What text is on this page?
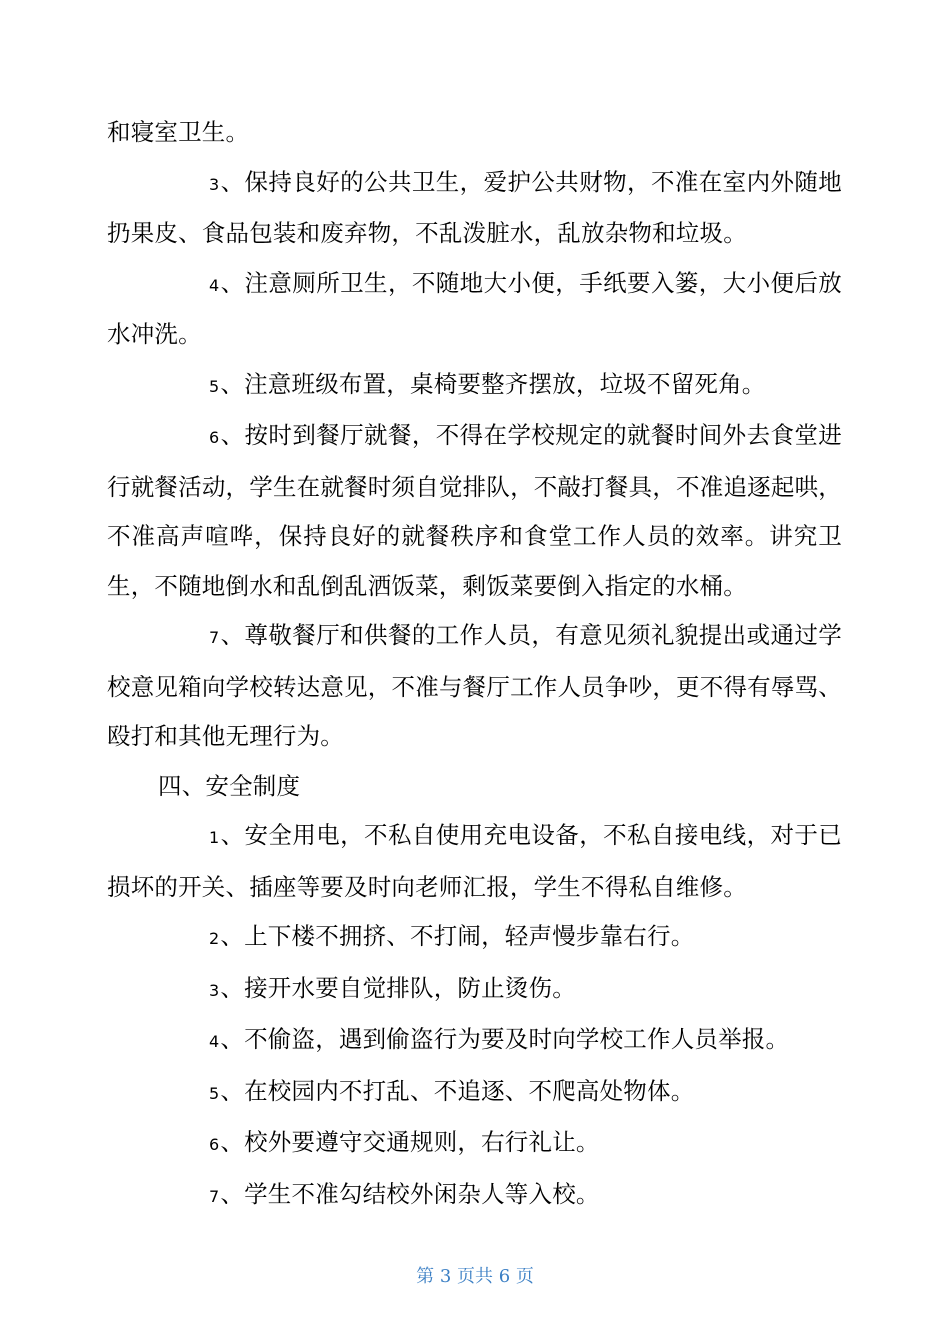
和寝室卫生。

3、保持良好的公共卫生，爱护公共财物，不准在室内外随地扔果皮、食品包装和废弃物，不乱泼脏水，乱放杂物和垃圾。

4、注意厕所卫生，不随地大小便，手纸要入篓，大小便后放水冲洗。

5、注意班级布置，桌椅要整齐摆放，垃圾不留死角。

6、按时到餐厅就餐，不得在学校规定的就餐时间外去食堂进行就餐活动，学生在就餐时须自觉排队，不敲打餐具，不准追逐起哄，不准高声喧哗，保持良好的就餐秩序和食堂工作人员的效率。讲究卫生，不随地倒水和乱倒乱洒饭菜，剩饭菜要倒入指定的水桶。

7、尊敬餐厅和供餐的工作人员，有意见须礼貌提出或通过学校意见箱向学校转达意见，不准与餐厅工作人员争吵，更不得有辱骂、殴打和其他无理行为。

四、安全制度

1、安全用电，不私自使用充电设备，不私自接电线，对于已损坏的开关、插座等要及时向老师汇报，学生不得私自维修。

2、上下楼不拥挤、不打闹，轻声慢步靠右行。

3、接开水要自觉排队，防止烫伤。

4、不偷盗，遇到偷盗行为要及时向学校工作人员举报。

5、在校园内不打乱、不追逐、不爬高处物体。

6、校外要遵守交通规则，右行礼让。

7、学生不准勾结校外闲杂人等入校。

第 3 页共 6 页
